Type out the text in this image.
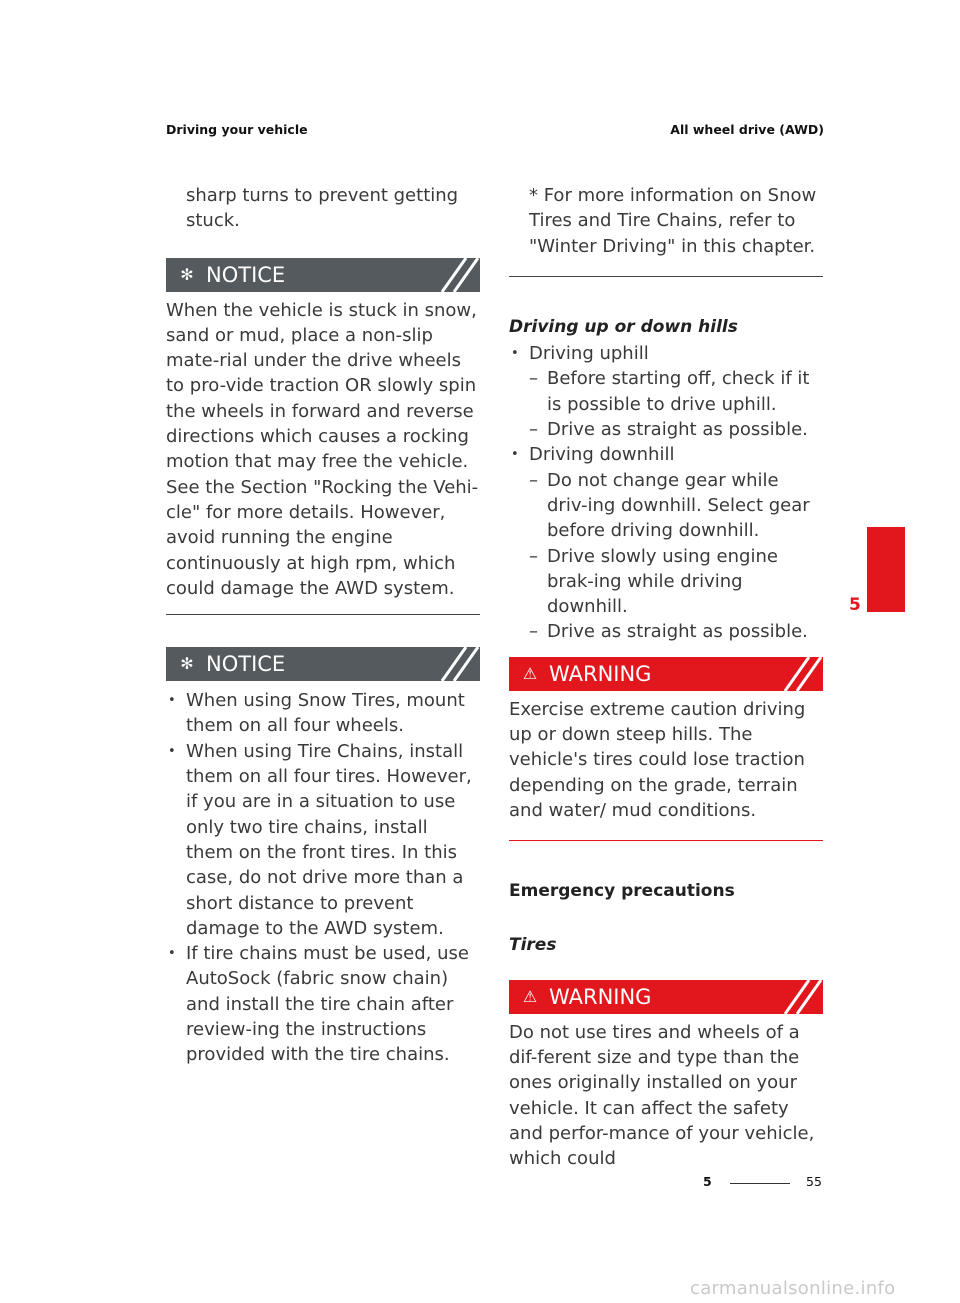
Driving your vehicle	All wheel drive (AWD)

sharp turns to prevent getting stuck.

✻ NOTICE

When the vehicle is stuck in snow, sand or mud, place a non-slip mate-rial under the drive wheels to pro-vide traction OR slowly spin the wheels in forward and reverse directions which causes a rocking motion that may free the vehicle. See the Section "Rocking the Vehi-cle" for more details. However, avoid running the engine continuously at high rpm, which could damage the AWD system.

✻ NOTICE
• When using Snow Tires, mount them on all four wheels.
• When using Tire Chains, install them on all four tires. However, if you are in a situation to use only two tire chains, install them on the front tires. In this case, do not drive more than a short distance to prevent damage to the AWD system.
• If tire chains must be used, use AutoSock (fabric snow chain) and install the tire chain after review-ing the instructions provided with the tire chains.

* For more information on Snow Tires and Tire Chains, refer to "Winter Driving" in this chapter.

Driving up or down hills

• Driving uphill
– Before starting off, check if it is possible to drive uphill.
– Drive as straight as possible.
• Driving downhill
– Do not change gear while driv-ing downhill. Select gear before driving downhill.
– Drive slowly using engine brak-ing while driving downhill.
– Drive as straight as possible.
⚠ WARNING

Exercise extreme caution driving up or down steep hills. The vehicle's tires could lose traction depending on the grade, terrain and water/ mud conditions.

Emergency precautions

Tires

⚠ WARNING

Do not use tires and wheels of a dif-ferent size and type than the ones originally installed on your vehicle. It can affect the safety and perfor-mance of your vehicle, which could

5
5	55
carmanualsonline.info
